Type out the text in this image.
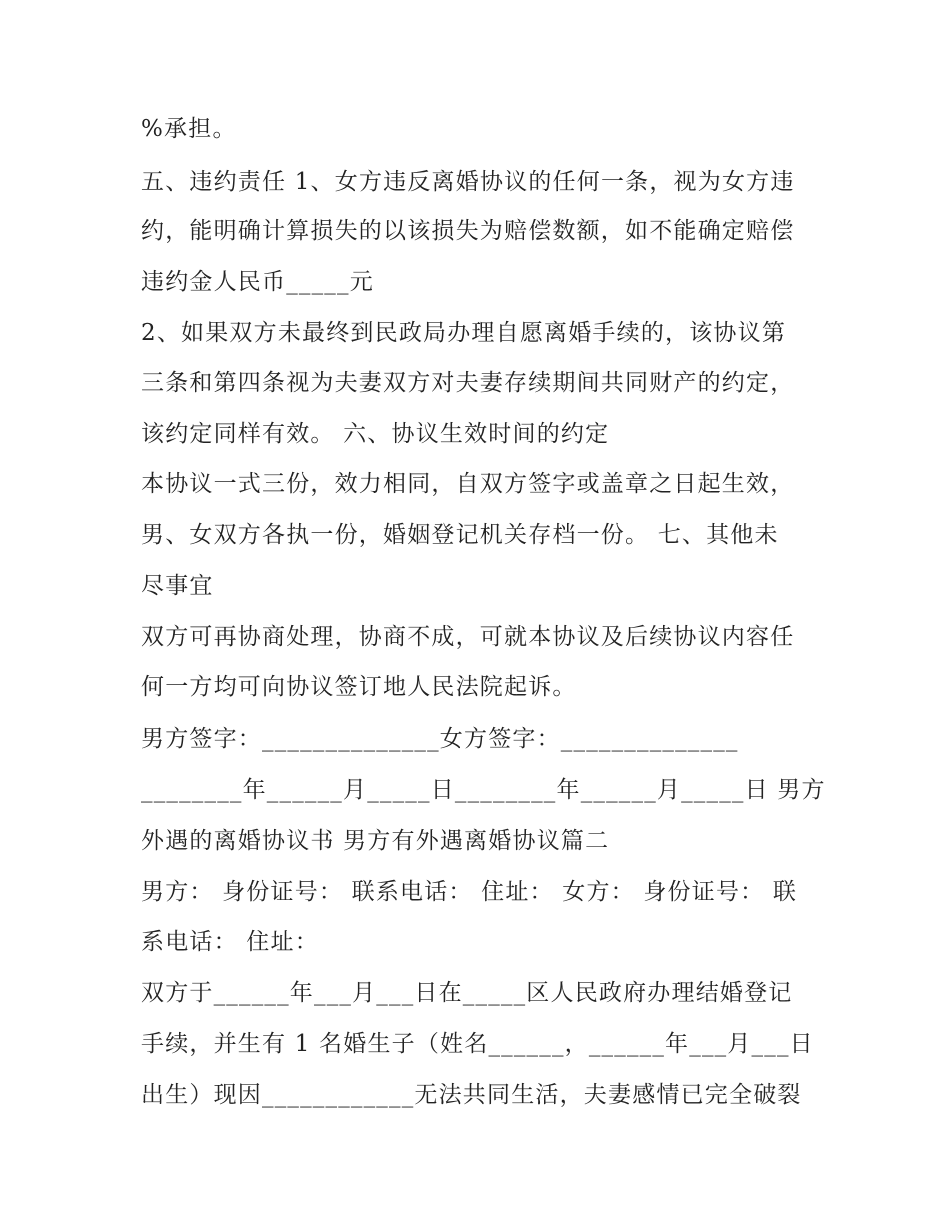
%承担。
五、违约责任 1、女方违反离婚协议的任何一条，视为女方违
约，能明确计算损失的以该损失为赔偿数额，如不能确定赔偿
违约金人民币_____元
2、如果双方未最终到民政局办理自愿离婚手续的，该协议第
三条和第四条视为夫妻双方对夫妻存续期间共同财产的约定，
该约定同样有效。 六、协议生效时间的约定
本协议一式三份，效力相同，自双方签字或盖章之日起生效，
男、女双方各执一份，婚姻登记机关存档一份。 七、其他未
尽事宜
双方可再协商处理，协商不成，可就本协议及后续协议内容任
何一方均可向协议签订地人民法院起诉。
男方签字：______________女方签字：______________
________年______月_____日________年______月_____日 男方
外遇的离婚协议书 男方有外遇离婚协议篇二
男方： 身份证号： 联系电话： 住址： 女方： 身份证号： 联
系电话： 住址：
双方于______年___月___日在_____区人民政府办理结婚登记
手续，并生有 1 名婚生子（姓名______，______年___月___日
出生）现因____________无法共同生活，夫妻感情已完全破裂
